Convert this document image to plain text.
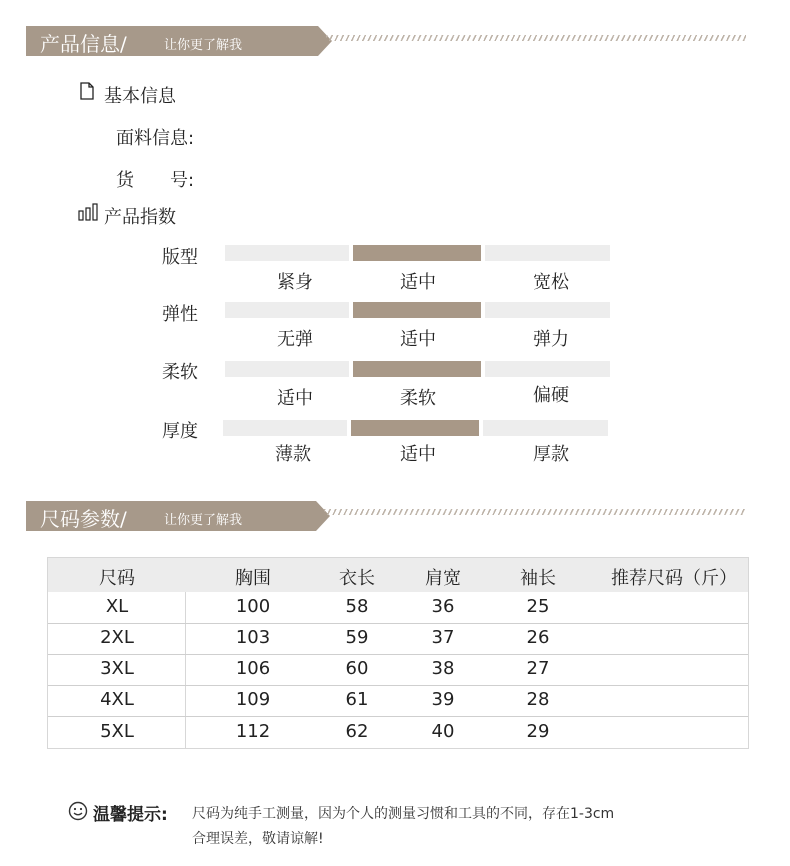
产品信息/	让你更了解我
基本信息
面料信息:
货　　号:
产品指数
版型
紧身	适中	宽松
弹性
无弹	适中	弹力
柔软
适中	柔软	偏硬
厚度
薄款	适中	厚款
尺码参数/	让你更了解我
尺码	胸围	衣长	肩宽	袖长	推荐尺码（斤）
XL	100	58	36	25
2XL	103	59	37	26
3XL	106	60	38	27
4XL	109	61	39	28
5XL	112	62	40	29
温馨提示: 尺码为纯手工测量，因为个人的测量习惯和工具的不同，存在1-3cm
合理误差，敬请谅解!
